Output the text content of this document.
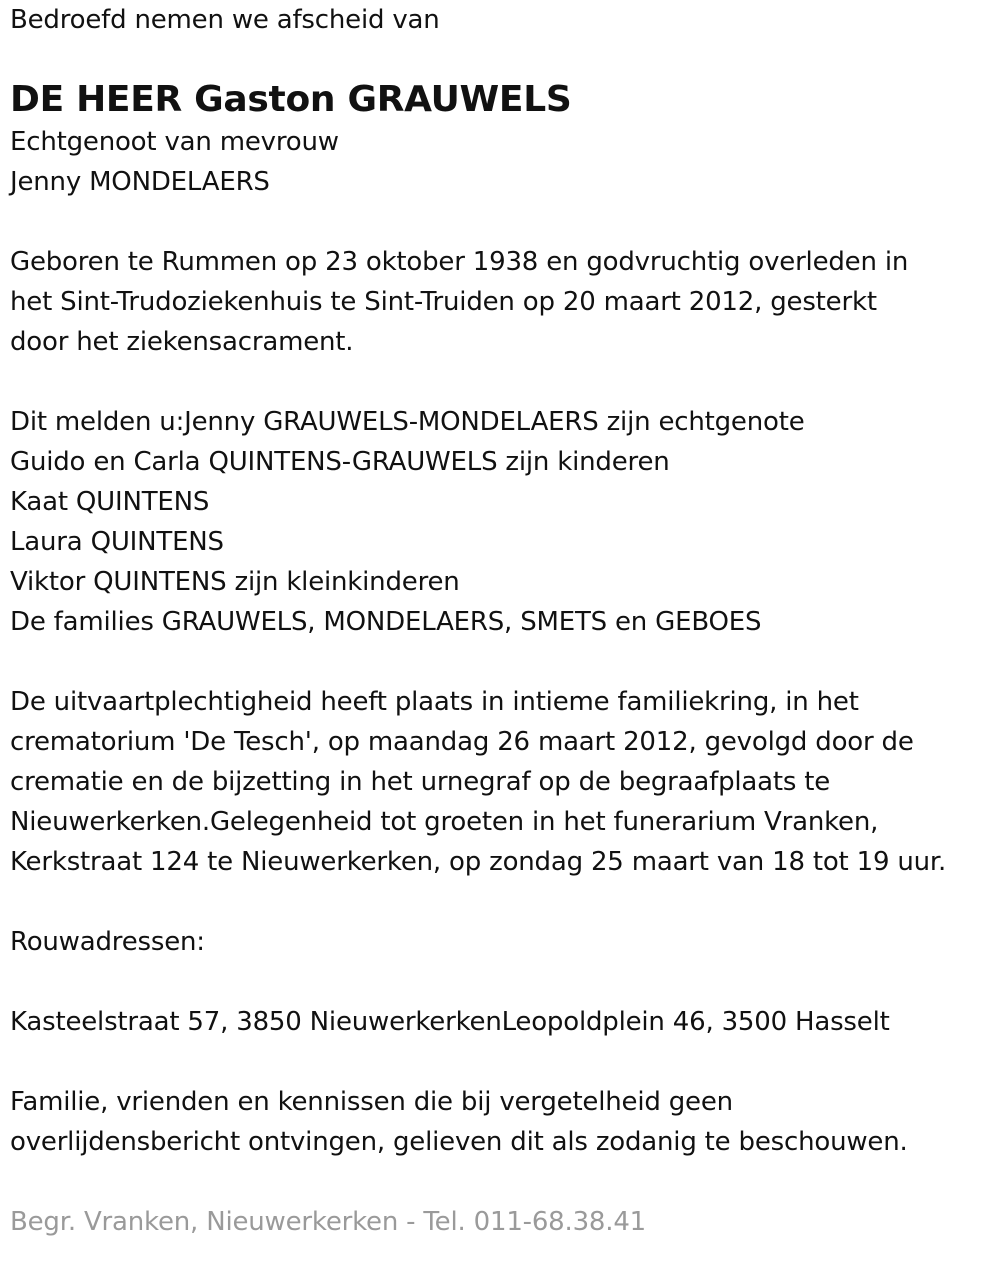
Bedroefd nemen we afscheid van
DE HEER Gaston GRAUWELS
Echtgenoot van mevrouw
Jenny MONDELAERS
Geboren te Rummen op 23 oktober 1938 en godvruchtig overleden in
het Sint-Trudoziekenhuis te Sint-Truiden op 20 maart 2012, gesterkt
door het ziekensacrament.
Dit melden u:Jenny GRAUWELS-MONDELAERS zijn echtgenote
Guido en Carla QUINTENS-GRAUWELS zijn kinderen
Kaat QUINTENS
Laura QUINTENS
Viktor QUINTENS zijn kleinkinderen
De families GRAUWELS, MONDELAERS, SMETS en GEBOES
De uitvaartplechtigheid heeft plaats in intieme familiekring, in het
crematorium 'De Tesch', op maandag 26 maart 2012, gevolgd door de
crematie en de bijzetting in het urnegraf op de begraafplaats te
Nieuwerkerken.Gelegenheid tot groeten in het funerarium Vranken,
Kerkstraat 124 te Nieuwerkerken, op zondag 25 maart van 18 tot 19 uur.
Rouwadressen:
Kasteelstraat 57, 3850 NieuwerkerkenLeopoldplein 46, 3500 Hasselt
Familie, vrienden en kennissen die bij vergetelheid geen
overlijdensbericht ontvingen, gelieven dit als zodanig te beschouwen.
Begr. Vranken, Nieuwerkerken - Tel. 011-68.38.41
